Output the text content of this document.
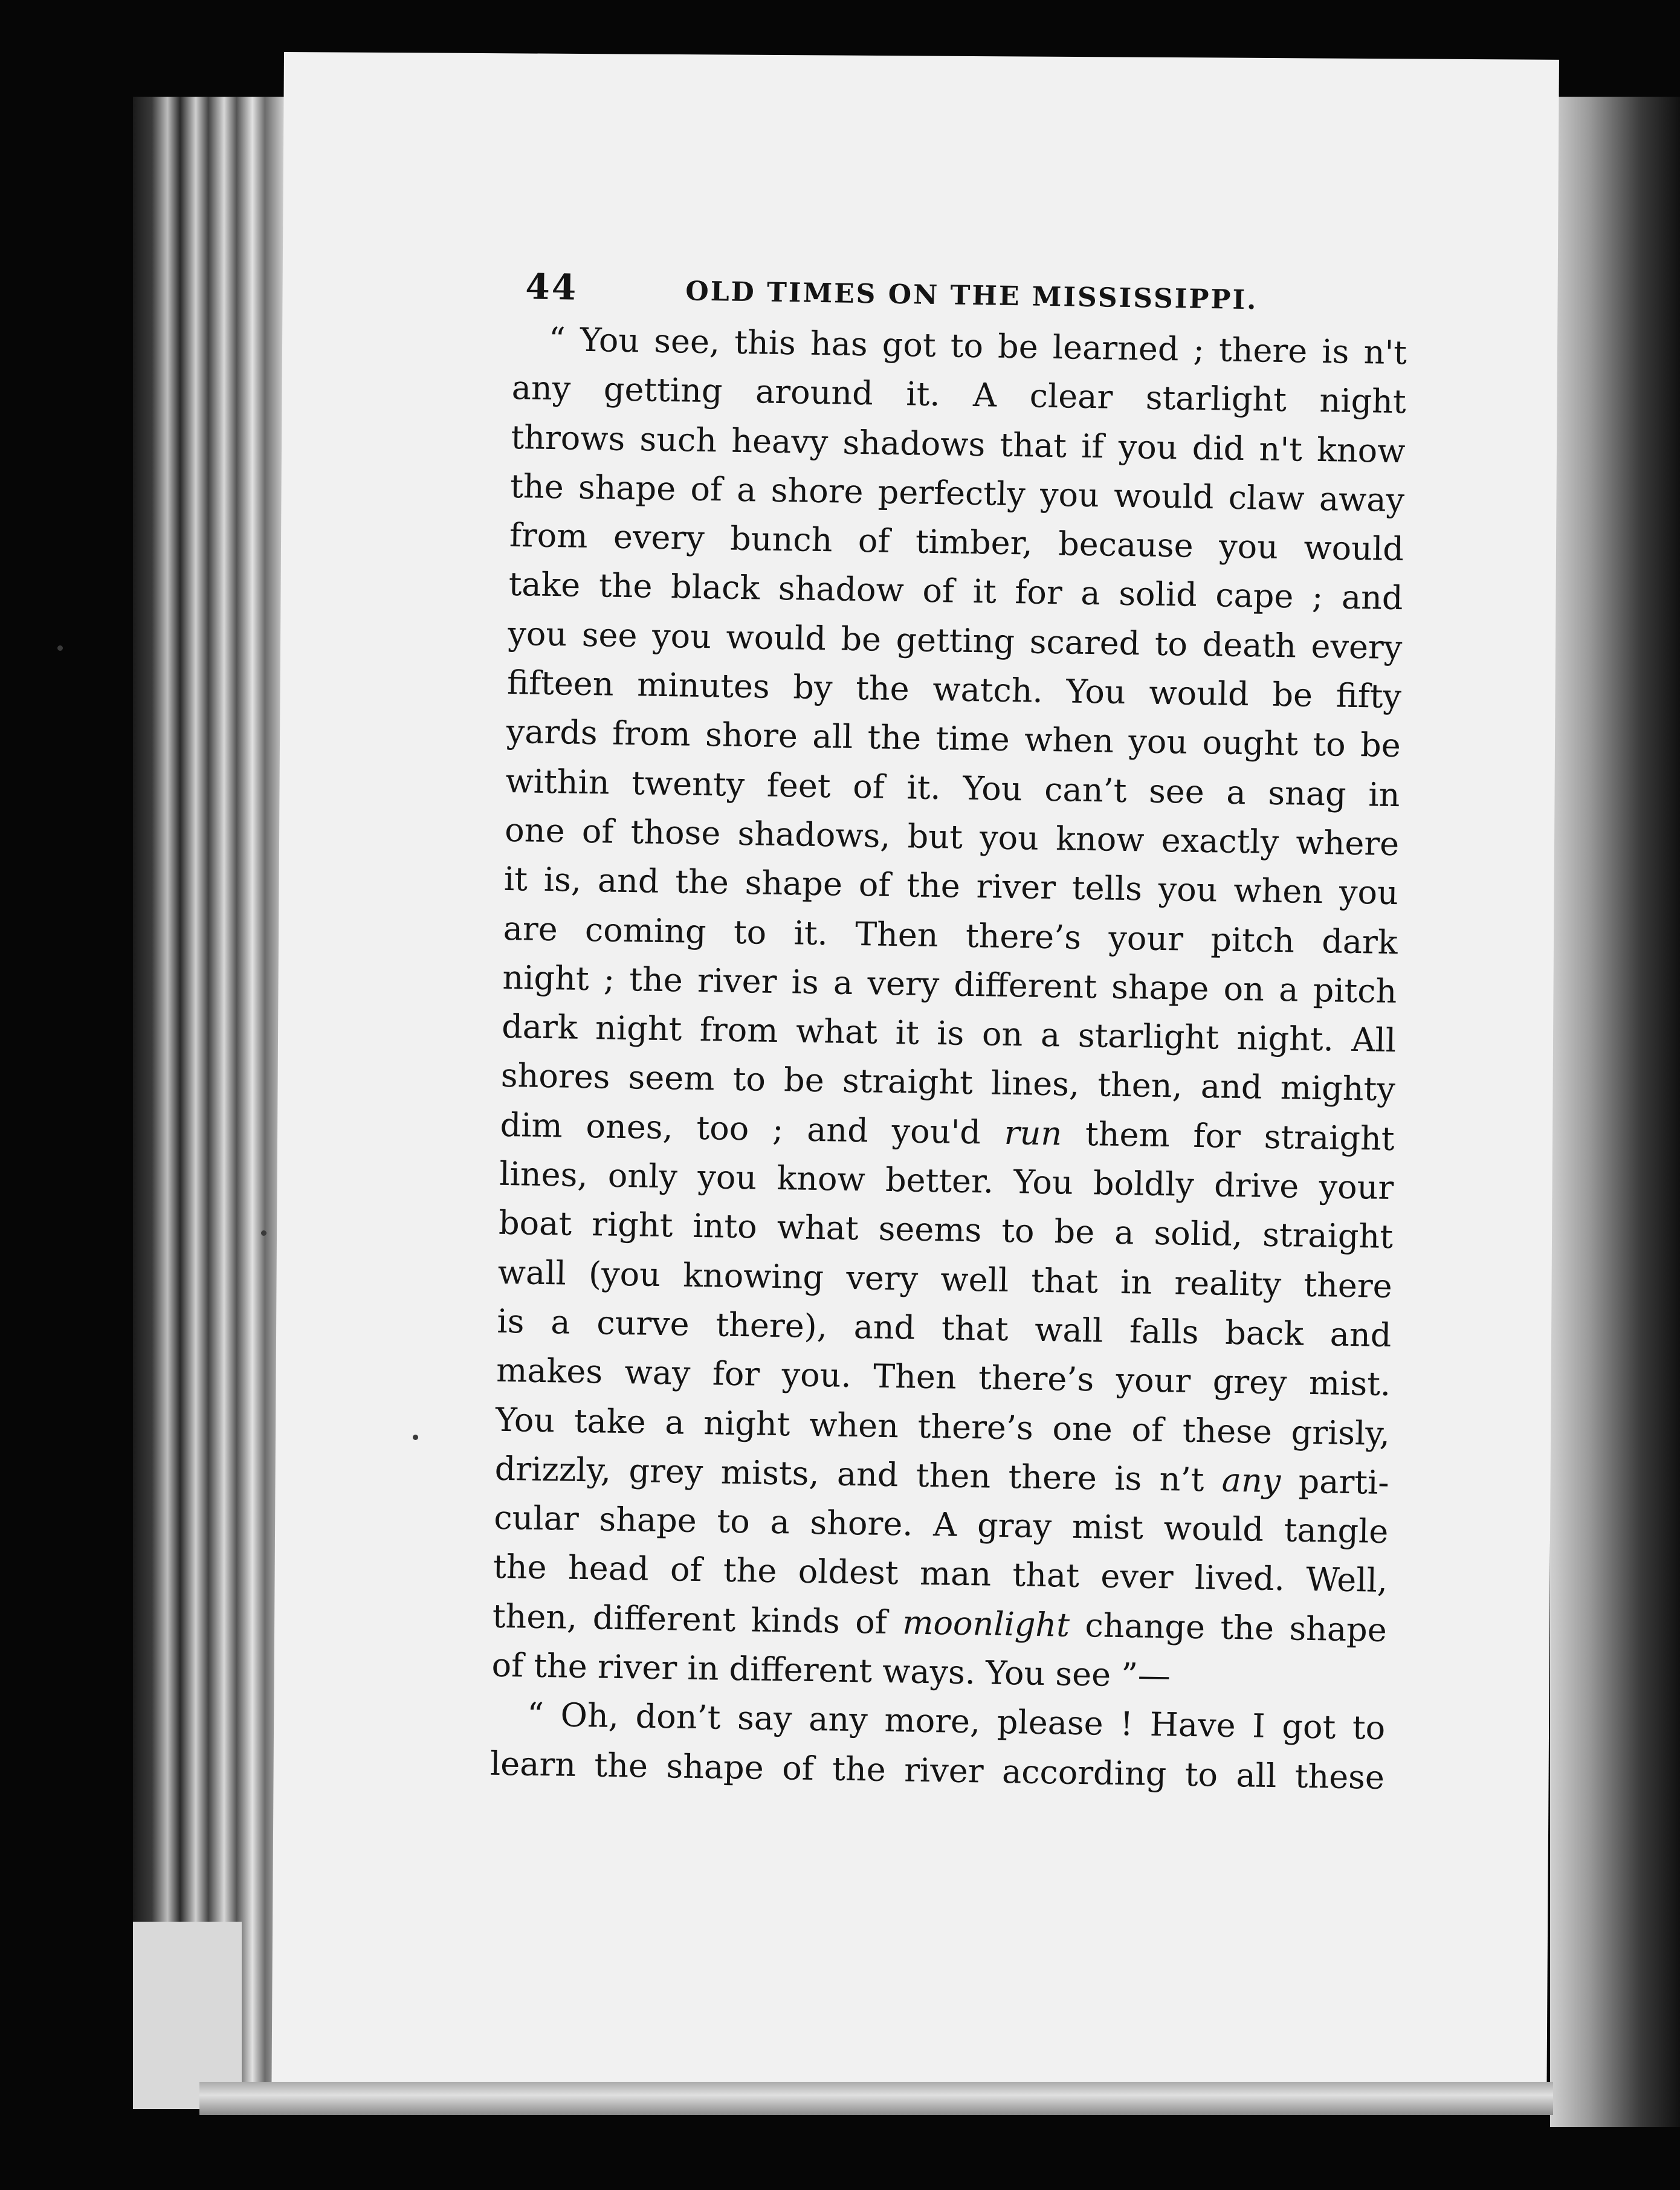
44	OLD TIMES ON THE MISSISSIPPI.
“ You see, this has got to be learned ; there is n't
any getting around it. A clear starlight night
throws such heavy shadows that if you did n't know
the shape of a shore perfectly you would claw away
from every bunch of timber, because you would
take the black shadow of it for a solid cape ; and
you see you would be getting scared to death every
fifteen minutes by the watch. You would be fifty
yards from shore all the time when you ought to be
within twenty feet of it. You can’t see a snag in
one of those shadows, but you know exactly where
it is, and the shape of the river tells you when you
are coming to it. Then there’s your pitch dark
night ; the river is a very different shape on a pitch
dark night from what it is on a starlight night. All
shores seem to be straight lines, then, and mighty
dim ones, too ; and you'd run them for straight
lines, only you know better. You boldly drive your
boat right into what seems to be a solid, straight
wall (you knowing very well that in reality there
is a curve there), and that wall falls back and
makes way for you. Then there’s your grey mist.
You take a night when there’s one of these grisly,
drizzly, grey mists, and then there is n’t any parti-
cular shape to a shore. A gray mist would tangle
the head of the oldest man that ever lived. Well,
then, different kinds of moonlight change the shape
of the river in different ways. You see ”—
“ Oh, don’t say any more, please ! Have I got to
learn the shape of the river according to all these
